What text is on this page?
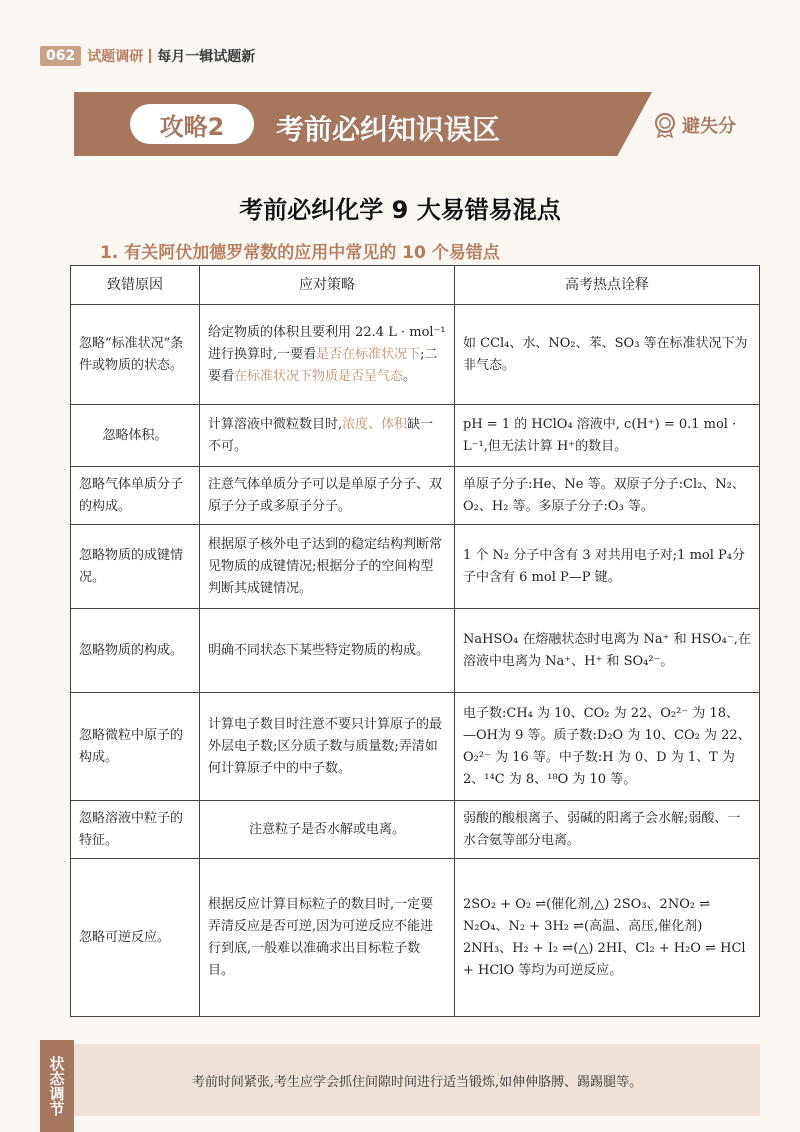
062 试题调研 每月一辑试题新
攻略2	考前必纠知识误区	避失分
考前必纠化学 9 大易错易混点
1. 有关阿伏加德罗常数的应用中常见的 10 个易错点
致错原因	应对策略	高考热点诠释
忽略“标准状况”条件或物质的状态。	给定物质的体积且要利用 22.4 L · mol⁻¹进行换算时,一要看是否在标准状况下;二要看在标准状况下物质是否呈气态。	如 CCl₄、水、NO₂、苯、SO₃ 等在标准状况下为非气态。
忽略体积。	计算溶液中微粒数目时,浓度、体积缺一不可。	pH = 1 的 HClO₄ 溶液中, c(H⁺) = 0.1 mol · L⁻¹,但无法计算 H⁺的数目。
忽略气体单质分子的构成。	注意气体单质分子可以是单原子分子、双原子分子或多原子分子。	单原子分子:He、Ne 等。双原子分子:Cl₂、N₂、O₂、H₂ 等。多原子分子:O₃ 等。
忽略物质的成键情况。	根据原子核外电子达到的稳定结构判断常见物质的成键情况;根据分子的空间构型判断其成键情况。	1 个 N₂ 分子中含有 3 对共用电子对;1 mol P₄分子中含有 6 mol P—P 键。
忽略物质的构成。	明确不同状态下某些特定物质的构成。	NaHSO₄ 在熔融状态时电离为 Na⁺ 和 HSO₄⁻,在溶液中电离为 Na⁺、H⁺ 和 SO₄²⁻。
忽略微粒中原子的构成。	计算电子数目时注意不要只计算原子的最外层电子数;区分质子数与质量数;弄清如何计算原子中的中子数。	电子数:CH₄ 为 10、CO₂ 为 22、O₂²⁻ 为 18、—OH为 9 等。质子数:D₂O 为 10、CO₂ 为 22、O₂²⁻ 为 16 等。中子数:H 为 0、D 为 1、T 为 2、¹⁴C 为 8、¹⁸O 为 10 等。
忽略溶液中粒子的特征。	注意粒子是否水解或电离。	弱酸的酸根离子、弱碱的阳离子会水解;弱酸、一水合氨等部分电离。
忽略可逆反应。	根据反应计算目标粒子的数目时,一定要弄清反应是否可逆,因为可逆反应不能进行到底,一般难以准确求出目标粒子数目。	2SO₂ + O₂ ⇌(催化剂,△) 2SO₃、2NO₂ ⇌ N₂O₄、N₂ + 3H₂ ⇌(高温、高压,催化剂) 2NH₃、H₂ + I₂ ⇌(△) 2HI、Cl₂ + H₂O ⇌ HCl + HClO 等均为可逆反应。
状态调节	考前时间紧张,考生应学会抓住间隙时间进行适当锻炼,如伸伸胳膊、踢踢腿等。
